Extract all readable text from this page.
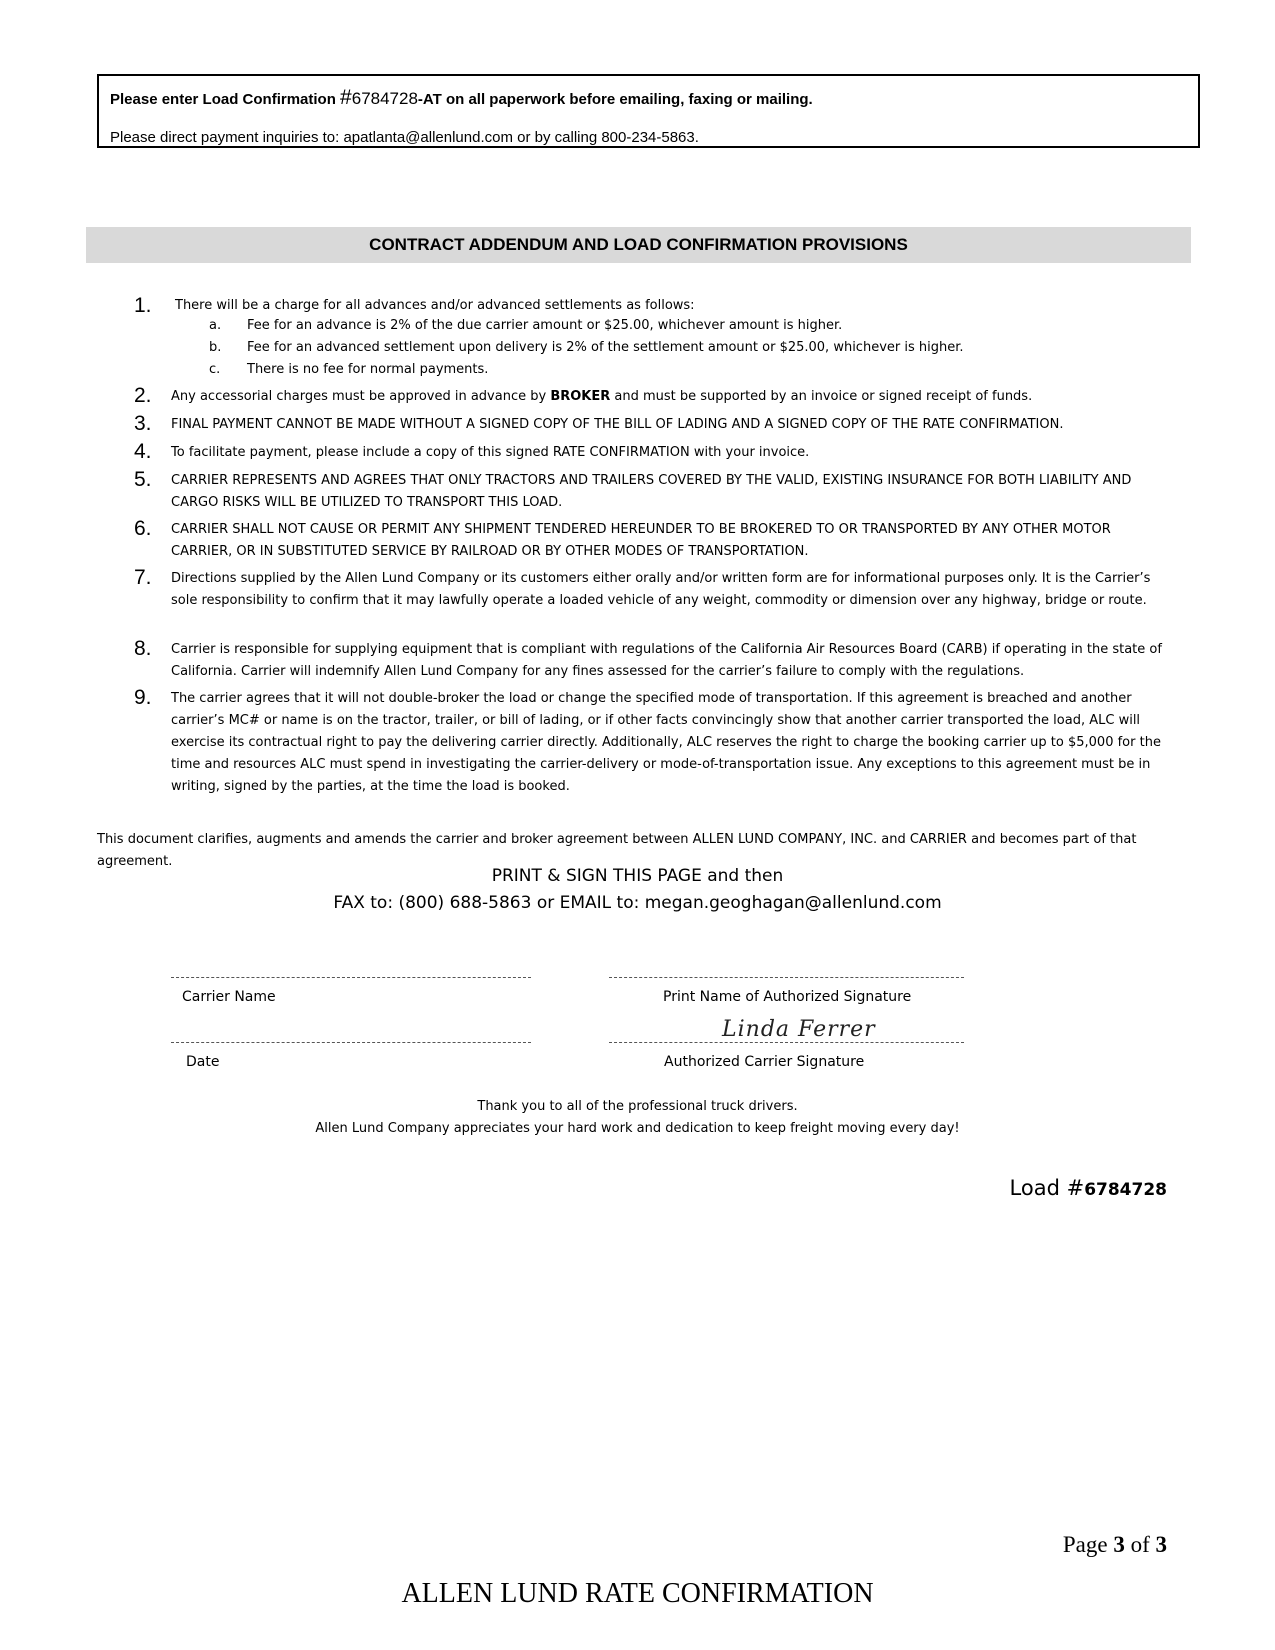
Please enter Load Confirmation #6784728-AT on all paperwork before emailing, faxing or mailing.
Please direct payment inquiries to: apatlanta@allenlund.com or by calling 800-234-5863.
CONTRACT ADDENDUM AND LOAD CONFIRMATION PROVISIONS
1.	There will be a charge for all advances and/or advanced settlements as follows:
a. Fee for an advance is 2% of the due carrier amount or $25.00, whichever amount is higher.
b. Fee for an advanced settlement upon delivery is 2% of the settlement amount or $25.00, whichever is higher.
c. There is no fee for normal payments.
2.	Any accessorial charges must be approved in advance by BROKER and must be supported by an invoice or signed receipt of funds.
3.	FINAL PAYMENT CANNOT BE MADE WITHOUT A SIGNED COPY OF THE BILL OF LADING AND A SIGNED COPY OF THE RATE CONFIRMATION.
4.	To facilitate payment, please include a copy of this signed RATE CONFIRMATION with your invoice.
5.	CARRIER REPRESENTS AND AGREES THAT ONLY TRACTORS AND TRAILERS COVERED BY THE VALID, EXISTING INSURANCE FOR BOTH LIABILITY AND CARGO RISKS WILL BE UTILIZED TO TRANSPORT THIS LOAD.
6.	CARRIER SHALL NOT CAUSE OR PERMIT ANY SHIPMENT TENDERED HEREUNDER TO BE BROKERED TO OR TRANSPORTED BY ANY OTHER MOTOR CARRIER, OR IN SUBSTITUTED SERVICE BY RAILROAD OR BY OTHER MODES OF TRANSPORTATION.
7.	Directions supplied by the Allen Lund Company or its customers either orally and/or written form are for informational purposes only. It is the Carrier’s sole responsibility to confirm that it may lawfully operate a loaded vehicle of any weight, commodity or dimension over any highway, bridge or route.
8.	Carrier is responsible for supplying equipment that is compliant with regulations of the California Air Resources Board (CARB) if operating in the state of California. Carrier will indemnify Allen Lund Company for any fines assessed for the carrier’s failure to comply with the regulations.
9.	The carrier agrees that it will not double-broker the load or change the specified mode of transportation. If this agreement is breached and another carrier’s MC# or name is on the tractor, trailer, or bill of lading, or if other facts convincingly show that another carrier transported the load, ALC will exercise its contractual right to pay the delivering carrier directly. Additionally, ALC reserves the right to charge the booking carrier up to $5,000 for the time and resources ALC must spend in investigating the carrier-delivery or mode-of-transportation issue. Any exceptions to this agreement must be in writing, signed by the parties, at the time the load is booked.
This document clarifies, augments and amends the carrier and broker agreement between ALLEN LUND COMPANY, INC. and CARRIER and becomes part of that agreement.
PRINT & SIGN THIS PAGE and then
FAX to: (800) 688-5863 or EMAIL to: megan.geoghagan@allenlund.com
Carrier Name	Print Name of Authorized Signature
Linda Ferrer
Date	Authorized Carrier Signature
Thank you to all of the professional truck drivers.
Allen Lund Company appreciates your hard work and dedication to keep freight moving every day!
Load #6784728
Page 3 of 3
ALLEN LUND RATE CONFIRMATION
